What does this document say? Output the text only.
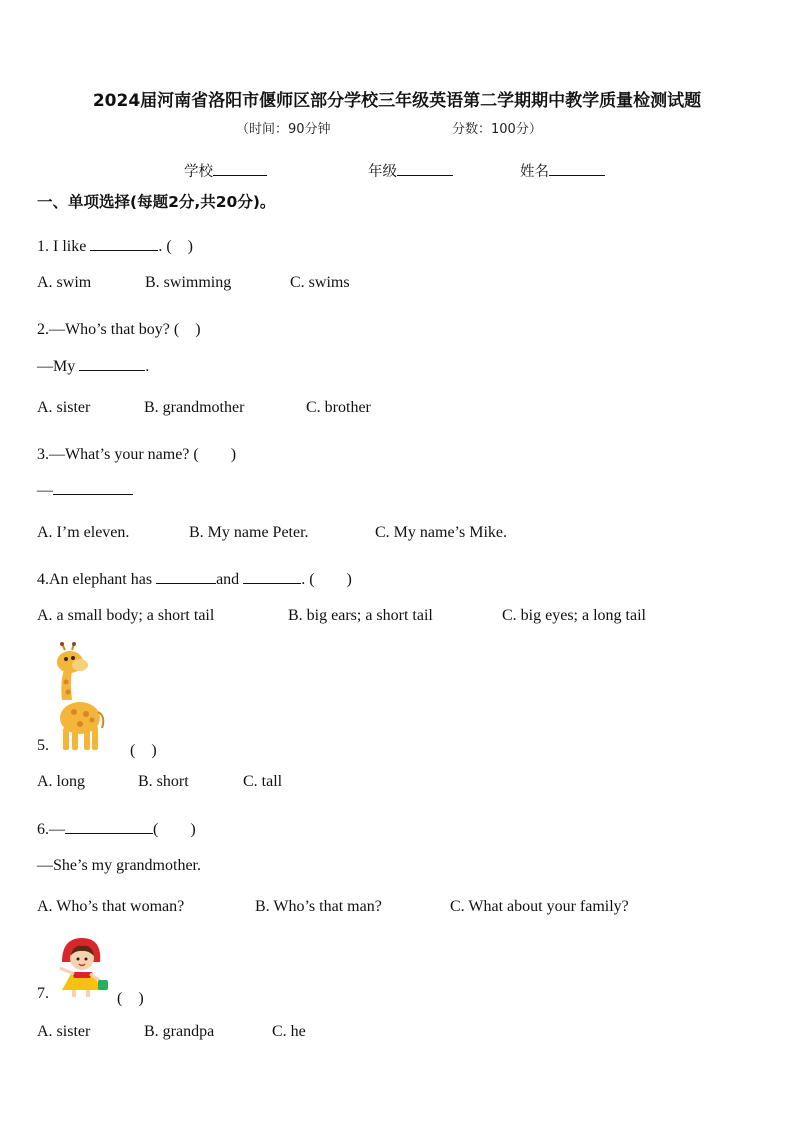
2024届河南省洛阳市偃师区部分学校三年级英语第二学期期中教学质量检测试题
（时间：90分钟	分数：100分）
学校	年级	姓名
一、单项选择(每题2分,共20分)。
1. I like	. (　)
A. swim	B. swimming	C. swims
2.—Who’s that boy? (　)
—My	.
A. sister	B. grandmother	C. brother
3.—What’s your name? (　　)
—
A. I’m eleven.	B. My name Peter.	C. My name’s Mike.
4.An elephant has	and	. (　　)
A. a small body; a short tail	B. big ears; a short tail	C. big eyes; a long tail
5.	(　)
A. long	B. short	C. tall
6.—	(　　)
—She’s my grandmother.
A. Who’s that woman?	B. Who’s that man?	C. What about your family?
7.	(　)
A. sister	B. grandpa	C. he
